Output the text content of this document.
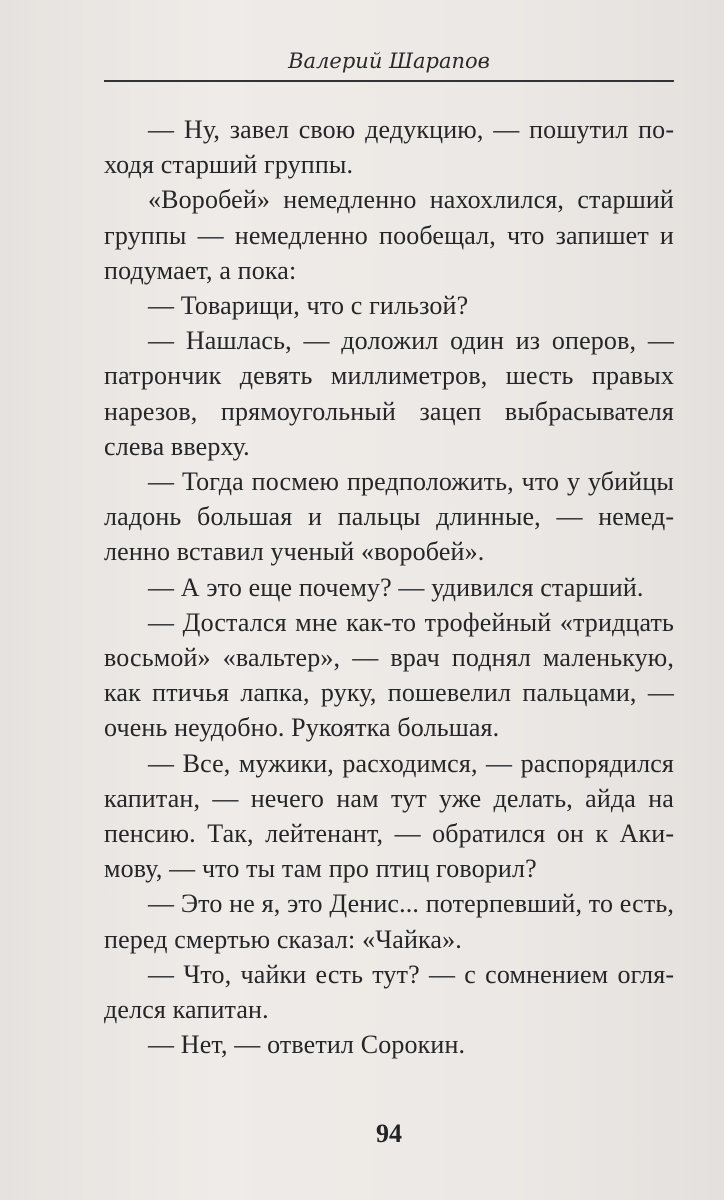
Валерий Шарапов

— Ну, завел свою дедукцию, — пошутил походя старший группы.

«Воробей» немедленно нахохлился, старший группы — немедленно пообещал, что запишет и подумает, а пока:

— Товарищи, что с гильзой?

— Нашлась, — доложил один из оперов, — патрончик девять миллиметров, шесть правых нарезов, прямоугольный зацеп выбрасывателя слева вверху.

— Тогда посмею предположить, что у убийцы ладонь большая и пальцы длинные, — немедленно вставил ученый «воробей».

— А это еще почему? — удивился старший.

— Достался мне как-то трофейный «тридцать восьмой» «вальтер», — врач поднял маленькую, как птичья лапка, руку, пошевелил пальцами, — очень неудобно. Рукоятка большая.

— Все, мужики, расходимся, — распорядился капитан, — нечего нам тут уже делать, айда на пенсию. Так, лейтенант, — обратился он к Акимову, — что ты там про птиц говорил?

— Это не я, это Денис... потерпевший, то есть, перед смертью сказал: «Чайка».

— Что, чайки есть тут? — с сомнением огляделся капитан.

— Нет, — ответил Сорокин.

94
